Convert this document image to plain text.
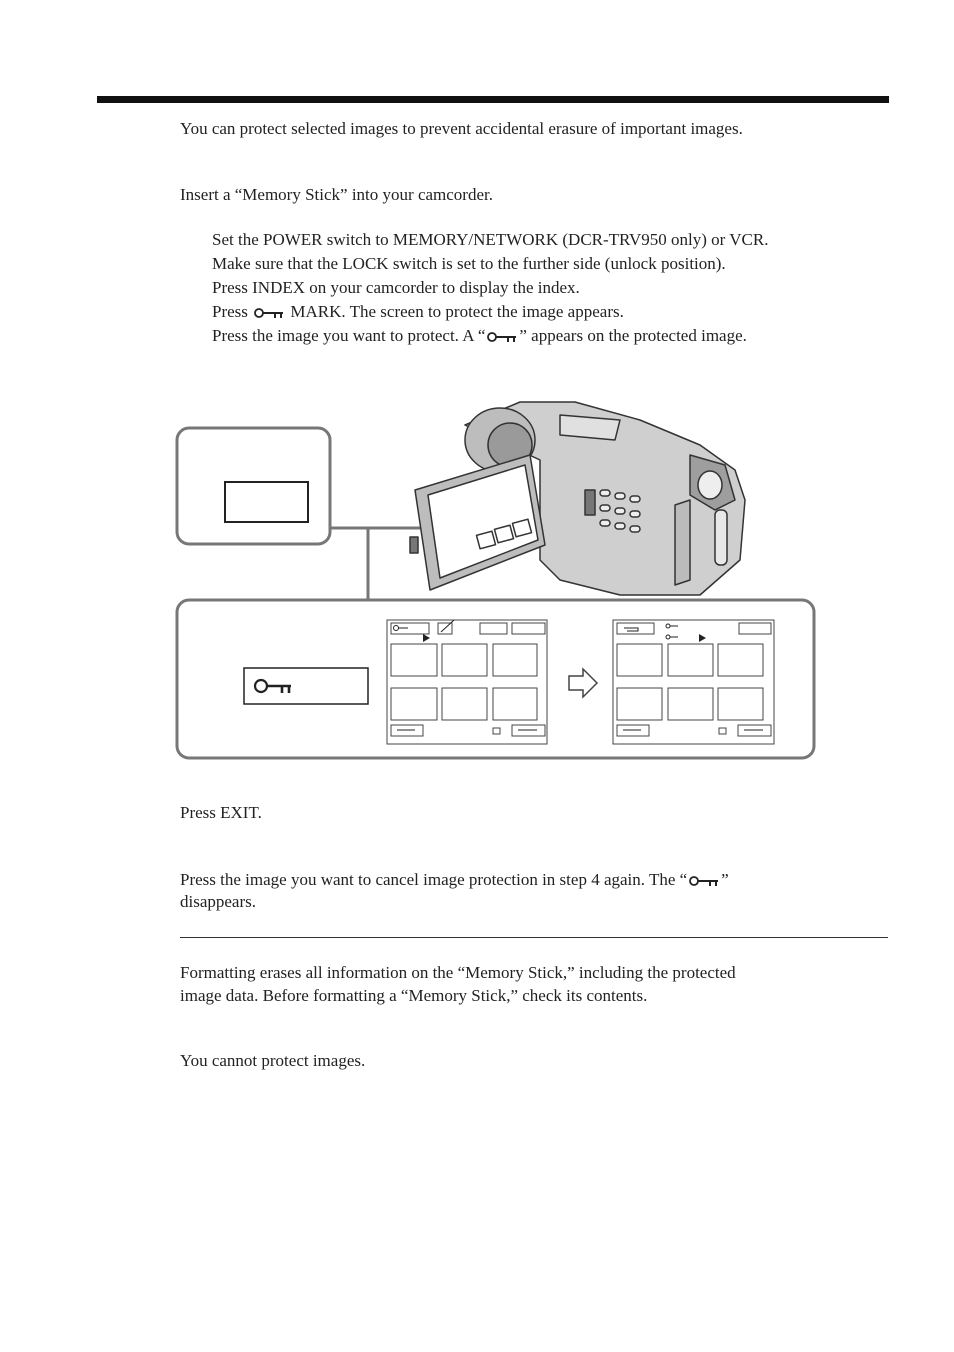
You can protect selected images to prevent accidental erasure of important images.
Insert a “Memory Stick” into your camcorder.
Set the POWER switch to MEMORY/NETWORK (DCR-TRV950 only) or VCR.
Make sure that the LOCK switch is set to the further side (unlock position).
Press INDEX on your camcorder to display the index.
Press  MARK. The screen to protect the image appears.
Press the image you want to protect. A “ ” appears on the protected image.
Press EXIT.
Press the image you want to cancel image protection in step 4 again. The “ ”
disappears.
Formatting erases all information on the “Memory Stick,” including the protected
image data. Before formatting a “Memory Stick,” check its contents.
You cannot protect images.
